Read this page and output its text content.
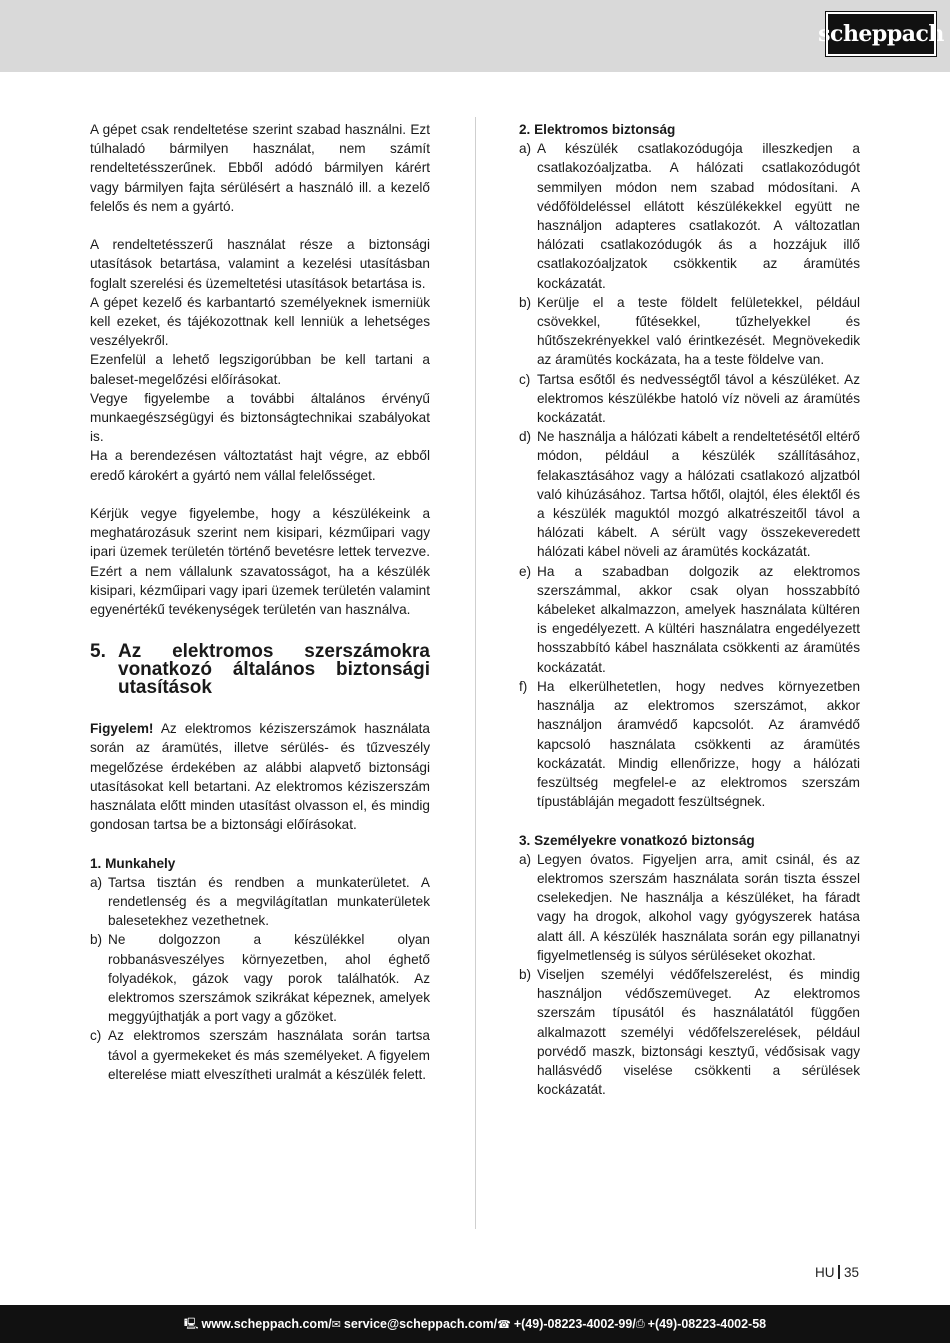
scheppach

A gépet csak rendeltetése szerint szabad használni. Ezt túlhaladó bármilyen használat, nem számít rendeltetésszerűnek. Ebből adódó bármilyen kárért vagy bármilyen fajta sérülésért a használó ill. a kezelő felelős és nem a gyártó.

A rendeltetésszerű használat része a biztonsági utasítások betartása, valamint a kezelési utasításban foglalt szerelési és üzemeltetési utasítások betartása is.

A gépet kezelő és karbantartó személyeknek ismerniük kell ezeket, és tájékozottnak kell lenniük a lehetséges veszélyekről.

Ezenfelül a lehető legszigorúbban be kell tartani a baleset-megelőzési előírásokat.

Vegye figyelembe a további általános érvényű munkaegészségügyi és biztonságtechnikai szabályokat is.

Ha a berendezésen változtatást hajt végre, az ebből eredő károkért a gyártó nem vállal felelősséget.

Kérjük vegye figyelembe, hogy a készülékeink a meghatározásuk szerint nem kisipari, kézműipari vagy ipari üzemek területén történő bevetésre lettek tervezve. Ezért a nem vállalunk szavatosságot, ha a készülék kisipari, kézműipari vagy ipari üzemek területén valamint egyenértékű tevékenységek területén van használva.

5. Az elektromos szerszámokra vonatkozó általános biztonsági utasítások

Figyelem! Az elektromos kéziszerszámok használata során az áramütés, illetve sérülés- és tűzveszély megelőzése érdekében az alábbi alapvető biztonsági utasításokat kell betartani. Az elektromos kéziszerszám használata előtt minden utasítást olvasson el, és mindig gondosan tartsa be a biztonsági előírásokat.

1. Munkahely

a) Tartsa tisztán és rendben a munkaterületet. A rendetlenség és a megvilágítatlan munkaterületek balesetekhez vezethetnek.
b) Ne dolgozzon a készülékkel olyan robbanásveszélyes környezetben, ahol éghető folyadékok, gázok vagy porok találhatók. Az elektromos szerszámok szikrákat képeznek, amelyek meggyújthatják a port vagy a gőzöket.
c) Az elektromos szerszám használata során tartsa távol a gyermekeket és más személyeket. A figyelem elterelése miatt elveszítheti uralmát a készülék felett.

2. Elektromos biztonság

a) A készülék csatlakozódugója illeszkedjen a csatlakozóaljzatba. A hálózati csatlakozódugót semmilyen módon nem szabad módosítani. A védőföldeléssel ellátott készülékekkel együtt ne használjon adapteres csatlakozót. A változatlan hálózati csatlakozódugók ás a hozzájuk illő csatlakozóaljzatok csökkentik az áramütés kockázatát.
b) Kerülje el a teste földelt felületekkel, például csövekkel, fűtésekkel, tűzhelyekkel és hűtőszekrényekkel való érintkezését. Megnövekedik az áramütés kockázata, ha a teste földelve van.
c) Tartsa esőtől és nedvességtől távol a készüléket. Az elektromos készülékbe hatoló víz növeli az áramütés kockázatát.
d) Ne használja a hálózati kábelt a rendeltetésétől eltérő módon, például a készülék szállításához, felakasztásához vagy a hálózati csatlakozó aljzatból való kihúzásához. Tartsa hőtől, olajtól, éles élektől és a készülék maguktól mozgó alkatrészeitől távol a hálózati kábelt. A sérült vagy összekeveredett hálózati kábel növeli az áramütés kockázatát.
e) Ha a szabadban dolgozik az elektromos szerszámmal, akkor csak olyan hosszabbító kábeleket alkalmazzon, amelyek használata kültéren is engedélyezett. A kültéri használatra engedélyezett hosszabbító kábel használata csökkenti az áramütés kockázatát.
f) Ha elkerülhetetlen, hogy nedves környezetben használja az elektromos szerszámot, akkor használjon áramvédő kapcsolót. Az áramvédő kapcsoló használata csökkenti az áramütés kockázatát. Mindig ellenőrizze, hogy a hálózati feszültség megfelel-e az elektromos szerszám típustábláján megadott feszültségnek.

3. Személyekre vonatkozó biztonság

a) Legyen óvatos. Figyeljen arra, amit csinál, és az elektromos szerszám használata során tiszta ésszel cselekedjen. Ne használja a készüléket, ha fáradt vagy ha drogok, alkohol vagy gyógyszerek hatása alatt áll. A készülék használata során egy pillanatnyi figyelmetlenség is súlyos sérüléseket okozhat.
b) Viseljen személyi védőfelszerelést, és mindig használjon védőszemüveget. Az elektromos szerszám típusától és használatától függően alkalmazott személyi védőfelszerelések, például porvédő maszk, biztonsági kesztyű, védősisak vagy hallásvédő viselése csökkenti a sérülések kockázatát.
HU 35
🖳 www.scheppach.com / ✉ service@scheppach.com / ☎ +(49)-08223-4002-99 / ⎙ +(49)-08223-4002-58
